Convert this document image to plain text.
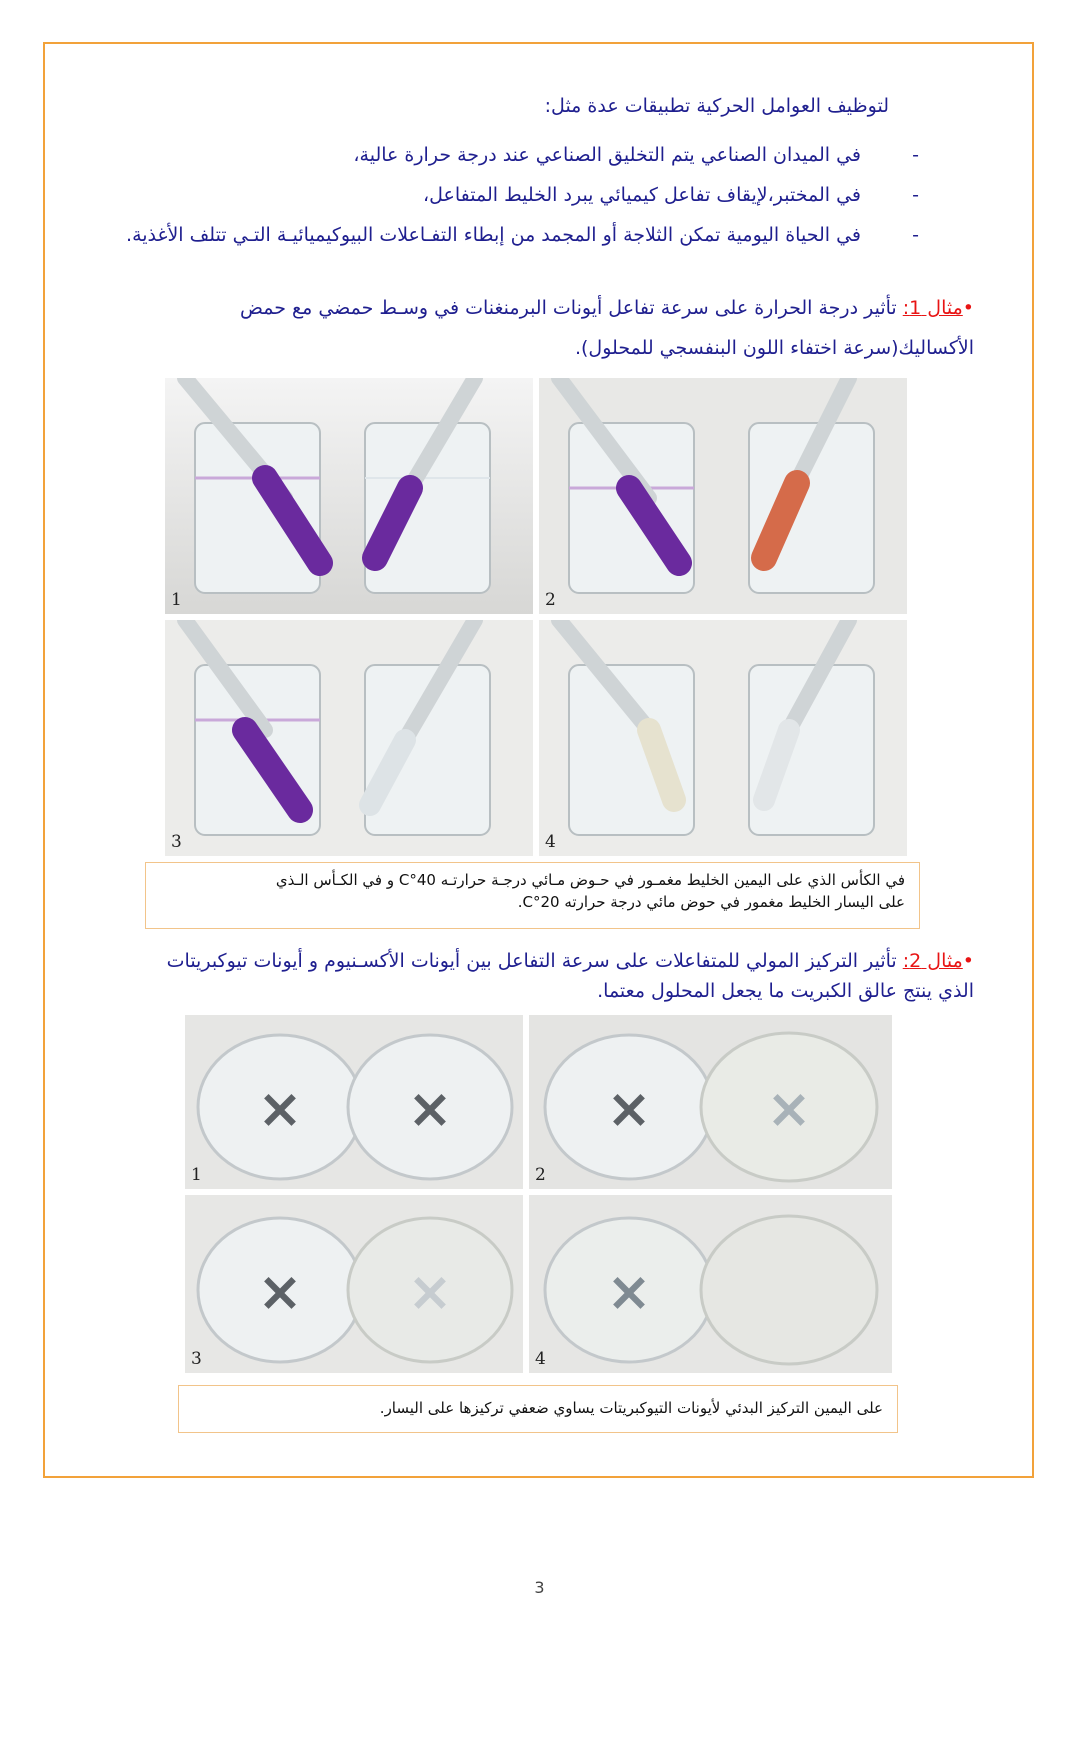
لتوظيف العوامل الحركية تطبيقات عدة مثل:
-
في الميدان الصناعي يتم التخليق الصناعي عند درجة حرارة عالية،
-
في المختبر،لإيقاف تفاعل كيميائي يبرد الخليط المتفاعل،
-
في الحياة اليومية تمكن الثلاجة أو المجمد من إبطاء التفـاعلات البيوكيميائيـة التـي تتلف الأغذية.
•مثال 1: تأثير درجة الحرارة على سرعة تفاعل أيونات البرمنغنات في وسـط حمضي مع حمض الأكساليك(سرعة اختفاء اللون البنفسجي للمحلول).
1	2
3	4
في الكأس الذي على اليمين الخليط مغمـور في حـوض مـائي درجـة حرارتـه 40°C و في الكـأس الـذي
على اليسار الخليط مغمور في حوض مائي درجة حرارته 20°C.
•مثال 2: تأثير التركيز المولي للمتفاعلات على سرعة التفاعل بين أيونات الأكسـنيوم و أيونات تيوكبريتات الذي ينتج عالق الكبريت ما يجعل المحلول معتما.
× ×
1
× ×
2
× ×
3
×
4
على اليمين التركيز البدئي لأيونات التيوكبريتات يساوي ضعفي تركيزها على اليسار.
3
